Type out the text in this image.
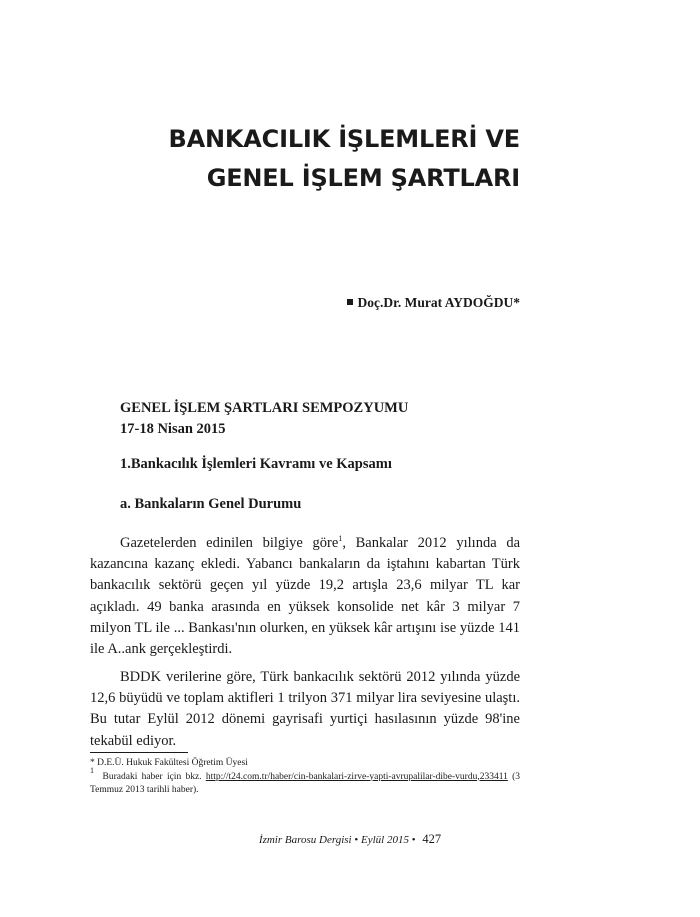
BANKACILIK İŞLEMLERİ VE
GENEL İŞLEM ŞARTLARI
Doç.Dr. Murat AYDOĞDU*
GENEL İŞLEM ŞARTLARI SEMPOZYUMU
17-18 Nisan 2015
1.Bankacılık İşlemleri Kavramı ve Kapsamı
a. Bankaların Genel Durumu

Gazetelerden edinilen bilgiye göre$^1$, Bankalar 2012 yılında da kazancına kazanç ekledi. Yabancı bankaların da iştahını kabartan Türk bankacılık sektörü geçen yıl yüzde 19,2 artışla 23,6 milyar TL kar açıkladı. 49 banka arasında en yüksek konsolide net kâr 3 milyar 7 milyon TL ile ... Bankası'nın olurken, en yüksek kâr artışını ise yüzde 141 ile A..ank gerçekleştirdi.

BDDK verilerine göre, Türk bankacılık sektörü 2012 yılında yüzde 12,6 büyüdü ve toplam aktifleri 1 trilyon 371 milyar lira seviyesine ulaştı. Bu tutar Eylül 2012 dönemi gayrisafi yurtiçi hasılasının yüzde 98'ine tekabül ediyor.

* D.E.Ü. Hukuk Fakültesi Öğretim Üyesi
$^1$  Buradaki haber için bkz. http://t24.com.tr/haber/cin-bankalari-zirve-yapti-avrupalilar-dibe-vurdu,233411 (3 Temmuz 2013 tarihli haber).
İzmir Barosu Dergisi • Eylül 2015 • 427
